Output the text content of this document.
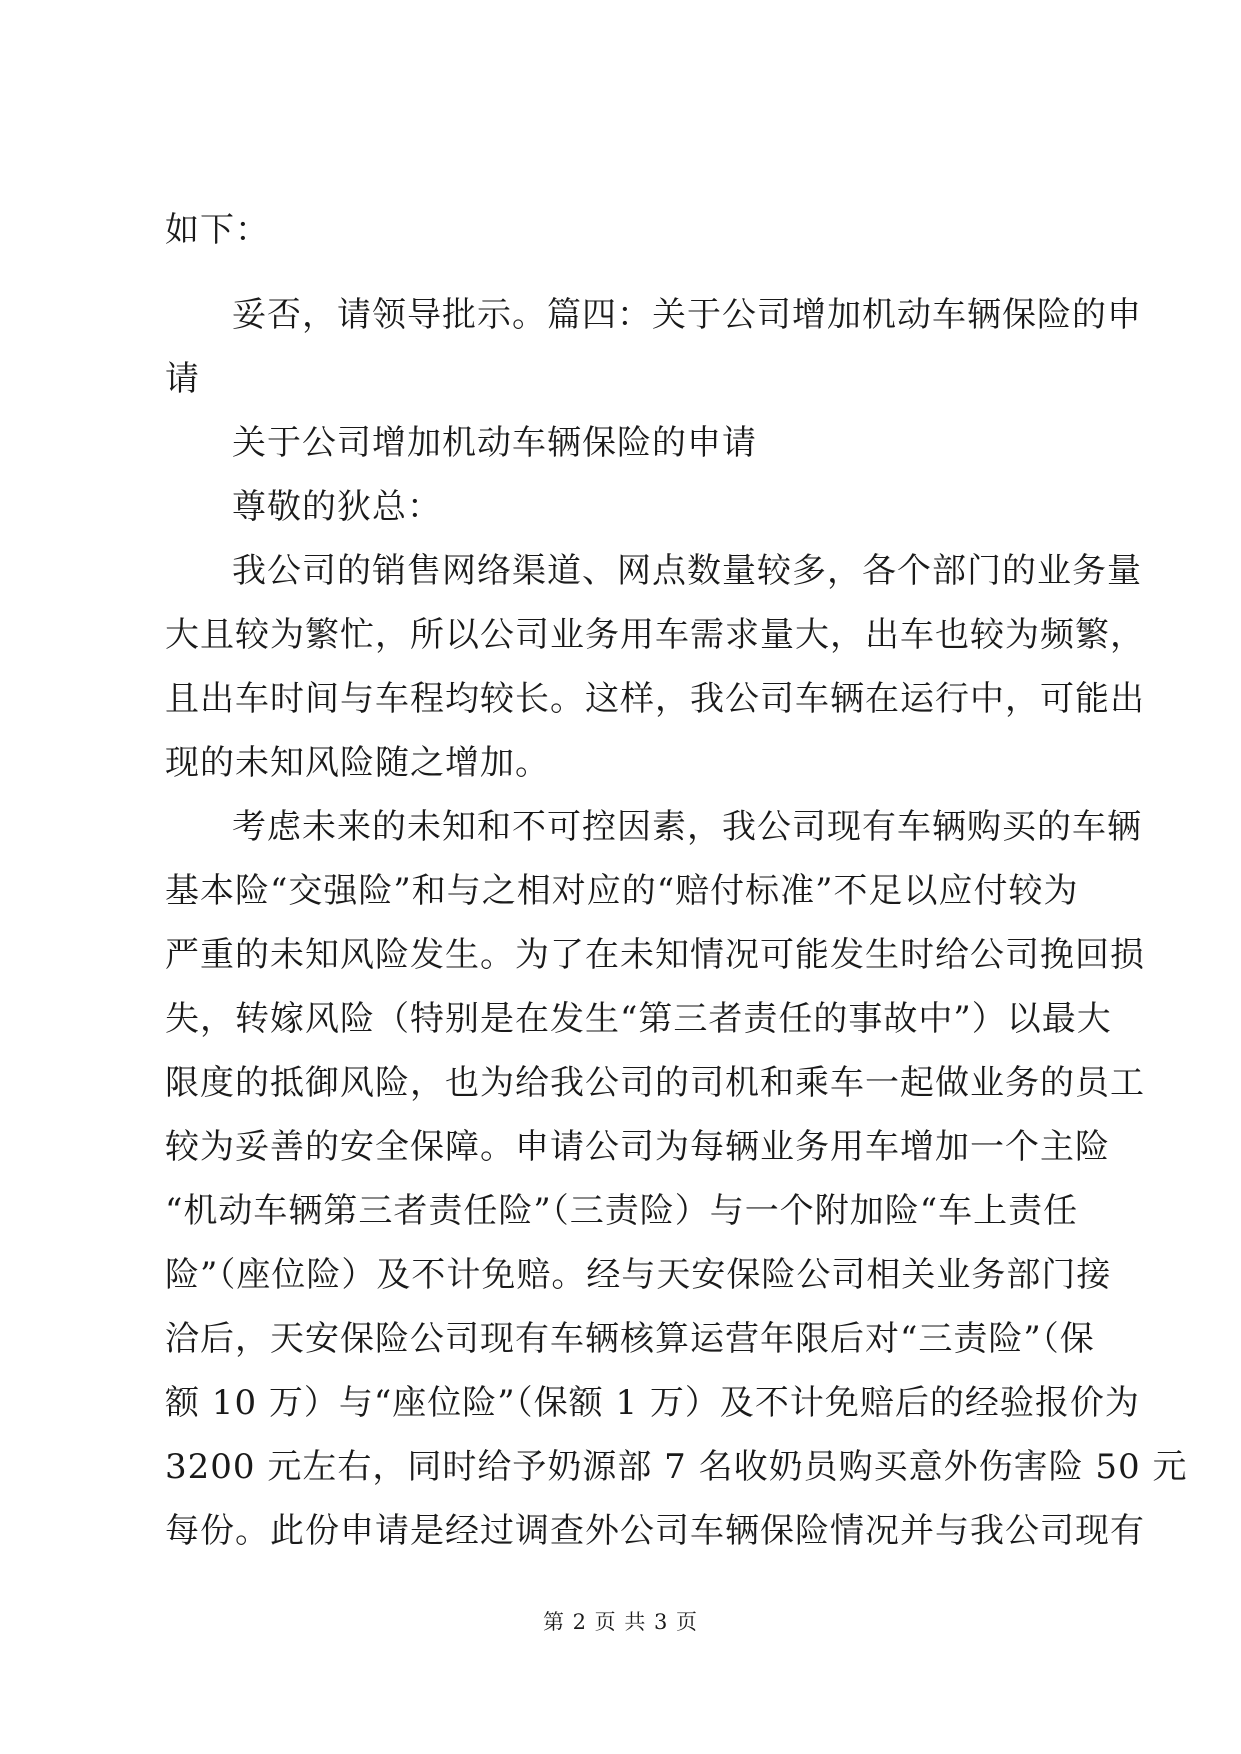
如下：
妥否，请领导批示。篇四：关于公司增加机动车辆保险的申
请
关于公司增加机动车辆保险的申请
尊敬的狄总：
我公司的销售网络渠道、网点数量较多，各个部门的业务量
大且较为繁忙，所以公司业务用车需求量大，出车也较为频繁，
且出车时间与车程均较长。这样，我公司车辆在运行中，可能出
现的未知风险随之增加。
考虑未来的未知和不可控因素，我公司现有车辆购买的车辆
基本险“交强险”和与之相对应的“赔付标准”不足以应付较为
严重的未知风险发生。为了在未知情况可能发生时给公司挽回损
失，转嫁风险（特别是在发生“第三者责任的事故中”）以最大
限度的抵御风险，也为给我公司的司机和乘车一起做业务的员工
较为妥善的安全保障。申请公司为每辆业务用车增加一个主险
“机动车辆第三者责任险”（三责险）与一个附加险“车上责任
险”（座位险）及不计免赔。经与天安保险公司相关业务部门接
洽后，天安保险公司现有车辆核算运营年限后对“三责险”（保
额 10 万）与“座位险”（保额 1 万）及不计免赔后的经验报价为
3200 元左右，同时给予奶源部 7 名收奶员购买意外伤害险 50 元
每份。此份申请是经过调查外公司车辆保险情况并与我公司现有
第 2 页 共 3 页
